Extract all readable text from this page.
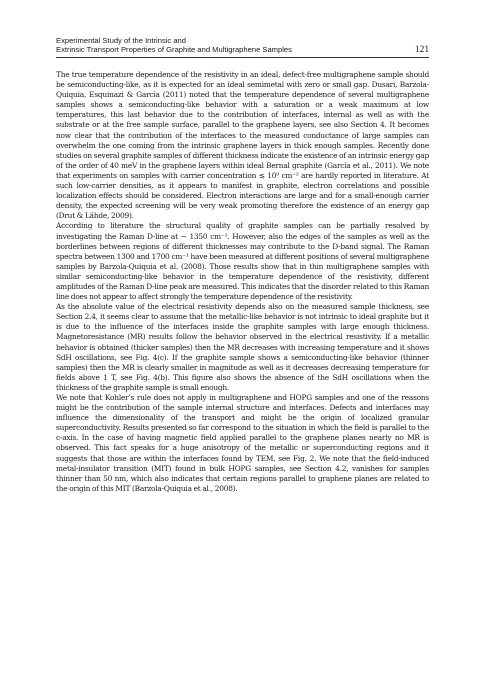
Experimental Study of the Intrinsic and
Extrinsic Transport Properties of Graphite and Multigraphene Samples	121

The true temperature dependence of the resistivity in an ideal, defect-free multigraphene sample should be semiconducting-like, as it is expected for an ideal semimetal with zero or small gap. Dusari, Barzola-Quiquia, Esquinazi & García (2011) noted that the temperature dependence of several multigraphene samples shows a semiconducting-like behavior with a saturation or a weak maximum at low temperatures, this last behavior due to the contribution of interfaces, internal as well as with the substrate or at the free sample surface, parallel to the graphene layers, see also Section 4. It becomes now clear that the contribution of the interfaces to the measured conductance of large samples can overwhelm the one coming from the intrinsic graphene layers in thick enough samples. Recently done studies on several graphite samples of different thickness indicate the existence of an intrinsic energy gap of the order of 40 meV in the graphene layers within ideal Bernal graphite (García et al., 2011). We note that experiments on samples with carrier concentration ≲ 10⁹ cm⁻² are hardly reported in literature. At such low-carrier densities, as it appears to manifest in graphite, electron correlations and possible localization effects should be considered. Electron interactions are large and for a small-enough carrier density, the expected screening will be very weak promoting therefore the existence of an energy gap (Drut & Lähde, 2009).

According to literature the structural quality of graphite samples can be partially resolved by investigating the Raman D-line at ∼ 1350 cm⁻¹. However, also the edges of the samples as well as the borderlines between regions of different thicknesses may contribute to the D-band signal. The Raman spectra between 1300 and 1700 cm⁻¹ have been measured at different positions of several multigraphene samples by Barzola-Quiquia et al. (2008). Those results show that in thin multigraphene samples with similar semiconducting-like behavior in the temperature dependence of the resistivity, different amplitudes of the Raman D-line peak are measured. This indicates that the disorder related to this Raman line does not appear to affect strongly the temperature dependence of the resistivity.

As the absolute value of the electrical resistivity depends also on the measured sample thickness, see Section 2.4, it seems clear to assume that the metallic-like behavior is not intrinsic to ideal graphite but it is due to the influence of the interfaces inside the graphite samples with large enough thickness. Magnetoresistance (MR) results follow the behavior observed in the electrical resistivity. If a metallic behavior is obtained (thicker samples) then the MR decreases with increasing temperature and it shows SdH oscillations, see Fig. 4(c). If the graphite sample shows a semiconducting-like behavior (thinner samples) then the MR is clearly smaller in magnitude as well as it decreases decreasing temperature for fields above 1 T, see Fig. 4(b). This figure also shows the absence of the SdH oscillations when the thickness of the graphite sample is small enough.

We note that Kohler’s rule does not apply in multigraphene and HOPG samples and one of the reasons might be the contribution of the sample internal structure and interfaces. Defects and interfaces may influence the dimensionality of the transport and might be the origin of localized granular superconductivity. Results presented so far correspond to the situation in which the field is parallel to the c-axis. In the case of having magnetic field applied parallel to the graphene planes nearly no MR is observed. This fact speaks for a huge anisotropy of the metallic or superconducting regions and it suggests that those are within the interfaces found by TEM, see Fig. 2. We note that the field-induced metal-insulator transition (MIT) found in bulk HOPG samples, see Section 4.2, vanishes for samples thinner than 50 nm, which also indicates that certain regions parallel to graphene planes are related to the origin of this MIT (Barzola-Quiquia et al., 2008).
